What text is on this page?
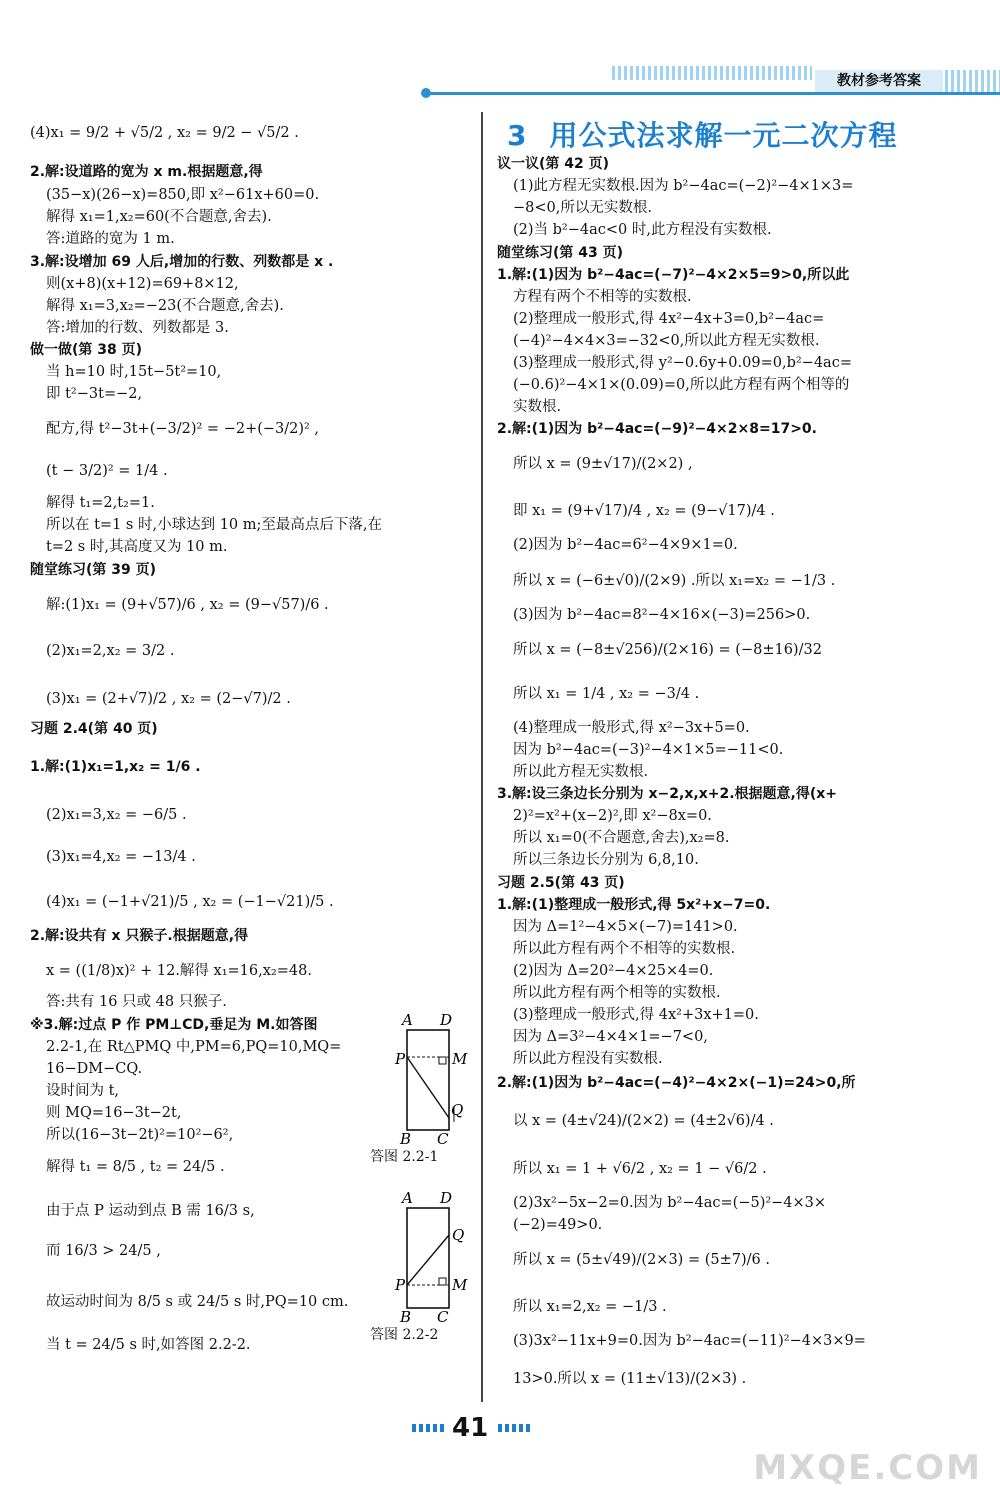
教材参考答案
(4)x₁ = 9/2 + √5/2 , x₂ = 9/2 − √5/2 .
2.解:设道路的宽为 x m.根据题意,得
(35−x)(26−x)=850,即 x²−61x+60=0.
解得 x₁=1,x₂=60(不合题意,舍去).
答:道路的宽为 1 m.
3.解:设增加 69 人后,增加的行数、列数都是 x .
则(x+8)(x+12)=69+8×12,
解得 x₁=3,x₂=−23(不合题意,舍去).
答:增加的行数、列数都是 3.
做一做(第 38 页)
当 h=10 时,15t−5t²=10,
即 t²−3t=−2,
配方,得 t²−3t+(−3/2)² = −2+(−3/2)² ,
(t − 3/2)² = 1/4 .
解得 t₁=2,t₂=1.
所以在 t=1 s 时,小球达到 10 m;至最高点后下落,在
t=2 s 时,其高度又为 10 m.
随堂练习(第 39 页)
解:(1)x₁ = (9+√57)/6 , x₂ = (9−√57)/6 .
(2)x₁=2,x₂ = 3/2 .
(3)x₁ = (2+√7)/2 , x₂ = (2−√7)/2 .
习题 2.4(第 40 页)
1.解:(1)x₁=1,x₂ = 1/6 .
(2)x₁=3,x₂ = −6/5 .
(3)x₁=4,x₂ = −13/4 .
(4)x₁ = (−1+√21)/5 , x₂ = (−1−√21)/5 .
2.解:设共有 x 只猴子.根据题意,得
x = ((1/8)x)² + 12.解得 x₁=16,x₂=48.
答:共有 16 只或 48 只猴子.
※3.解:过点 P 作 PM⊥CD,垂足为 M.如答图
2.2-1,在 Rt△PMQ 中,PM=6,PQ=10,MQ=
16−DM−CQ.
设时间为 t,
则 MQ=16−3t−2t,
所以(16−3t−2t)²=10²−6²,
解得 t₁ = 8/5 , t₂ = 24/5 .
由于点 P 运动到点 B 需 16/3 s,
而 16/3 > 24/5 ,
故运动时间为 8/5 s 或 24/5 s 时,PQ=10 cm.
当 t = 24/5 s 时,如答图 2.2-2.
3 用公式法求解一元二次方程
议一议(第 42 页)
(1)此方程无实数根.因为 b²−4ac=(−2)²−4×1×3=
−8<0,所以无实数根.
(2)当 b²−4ac<0 时,此方程没有实数根.
随堂练习(第 43 页)
1.解:(1)因为 b²−4ac=(−7)²−4×2×5=9>0,所以此
方程有两个不相等的实数根.
(2)整理成一般形式,得 4x²−4x+3=0,b²−4ac=
(−4)²−4×4×3=−32<0,所以此方程无实数根.
(3)整理成一般形式,得 y²−0.6y+0.09=0,b²−4ac=
(−0.6)²−4×1×(0.09)=0,所以此方程有两个相等的
实数根.
2.解:(1)因为 b²−4ac=(−9)²−4×2×8=17>0.
所以 x = (9±√17)/(2×2) ,
即 x₁ = (9+√17)/4 , x₂ = (9−√17)/4 .
(2)因为 b²−4ac=6²−4×9×1=0.
所以 x = (−6±√0)/(2×9) .所以 x₁=x₂ = −1/3 .
(3)因为 b²−4ac=8²−4×16×(−3)=256>0.
所以 x = (−8±√256)/(2×16) = (−8±16)/32
所以 x₁ = 1/4 , x₂ = −3/4 .
(4)整理成一般形式,得 x²−3x+5=0.
因为 b²−4ac=(−3)²−4×1×5=−11<0.
所以此方程无实数根.
3.解:设三条边长分别为 x−2,x,x+2.根据题意,得(x+
2)²=x²+(x−2)²,即 x²−8x=0.
所以 x₁=0(不合题意,舍去),x₂=8.
所以三条边长分别为 6,8,10.
习题 2.5(第 43 页)
1.解:(1)整理成一般形式,得 5x²+x−7=0.
因为 Δ=1²−4×5×(−7)=141>0.
所以此方程有两个不相等的实数根.
(2)因为 Δ=20²−4×25×4=0.
所以此方程有两个相等的实数根.
(3)整理成一般形式,得 4x²+3x+1=0.
因为 Δ=3²−4×4×1=−7<0,
所以此方程没有实数根.
2.解:(1)因为 b²−4ac=(−4)²−4×2×(−1)=24>0,所
以 x = (4±√24)/(2×2) = (4±2√6)/4 .
所以 x₁ = 1 + √6/2 , x₂ = 1 − √6/2 .
(2)3x²−5x−2=0.因为 b²−4ac=(−5)²−4×3×
(−2)=49>0.
所以 x = (5±√49)/(2×3) = (5±7)/6 .
所以 x₁=2,x₂ = −1/3 .
(3)3x²−11x+9=0.因为 b²−4ac=(−11)²−4×3×9=
13>0.所以 x = (11±√13)/(2×3) .
A D
P	M
Q
B C
答图 2.2-1
A D
Q
P	M
B C
答图 2.2-2
41
MXQE.COM
